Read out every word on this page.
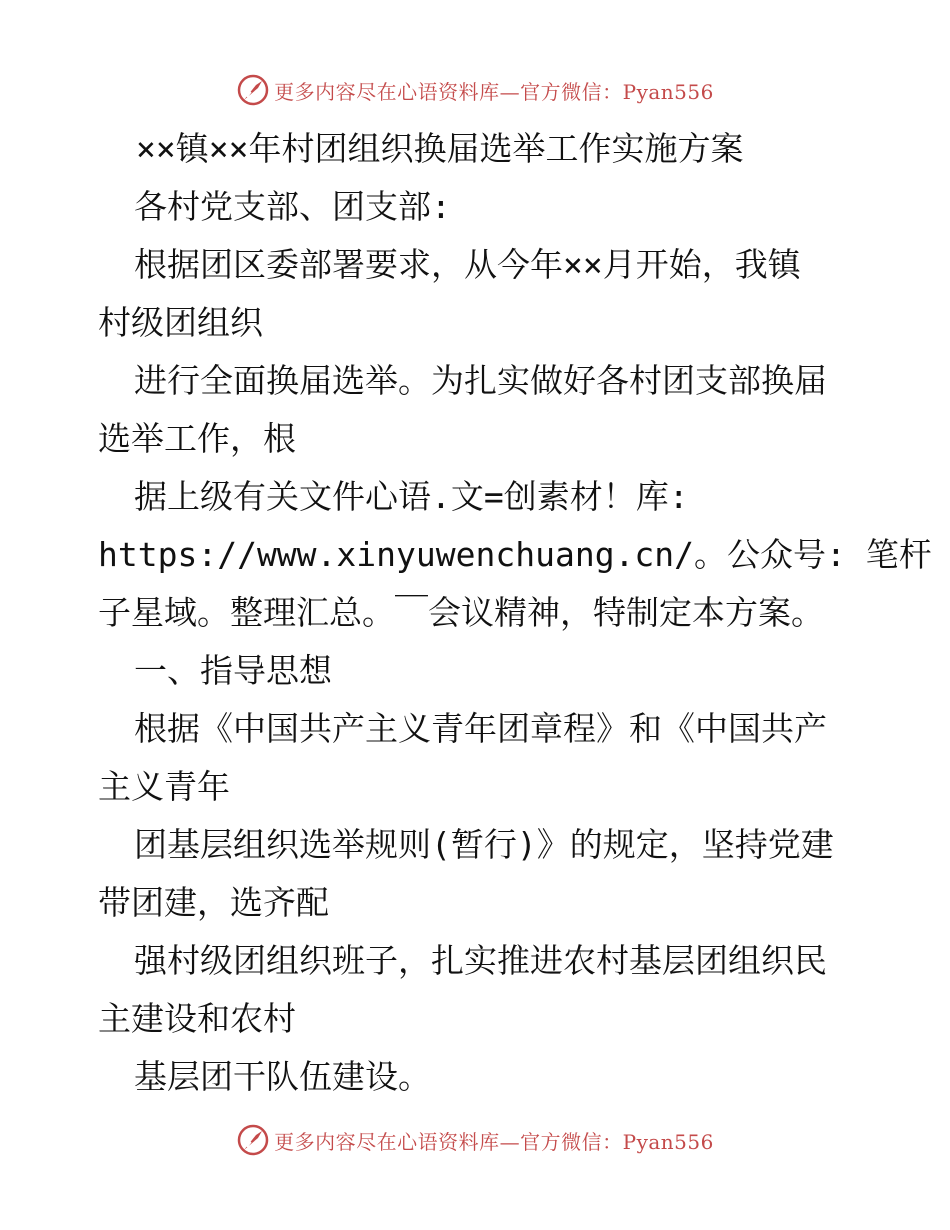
更多内容尽在心语资料库—官方微信：Pyan556
××镇××年村团组织换届选举工作实施方案
各村党支部、团支部:
根据团区委部署要求，从今年××月开始，我镇
村级团组织
进行全面换届选举。为扎实做好各村团支部换届
选举工作，根
据上级有关文件心语.文=创素材！库:
https://www.xinyuwenchuang.cn/。公众号: 笔杆
子星域。整理汇总。￣会议精神，特制定本方案。
一、指导思想
根据《中国共产主义青年团章程》和《中国共产
主义青年
团基层组织选举规则(暂行)》的规定，坚持党建
带团建，选齐配
强村级团组织班子，扎实推进农村基层团组织民
主建设和农村
基层团干队伍建设。
更多内容尽在心语资料库—官方微信：Pyan556
